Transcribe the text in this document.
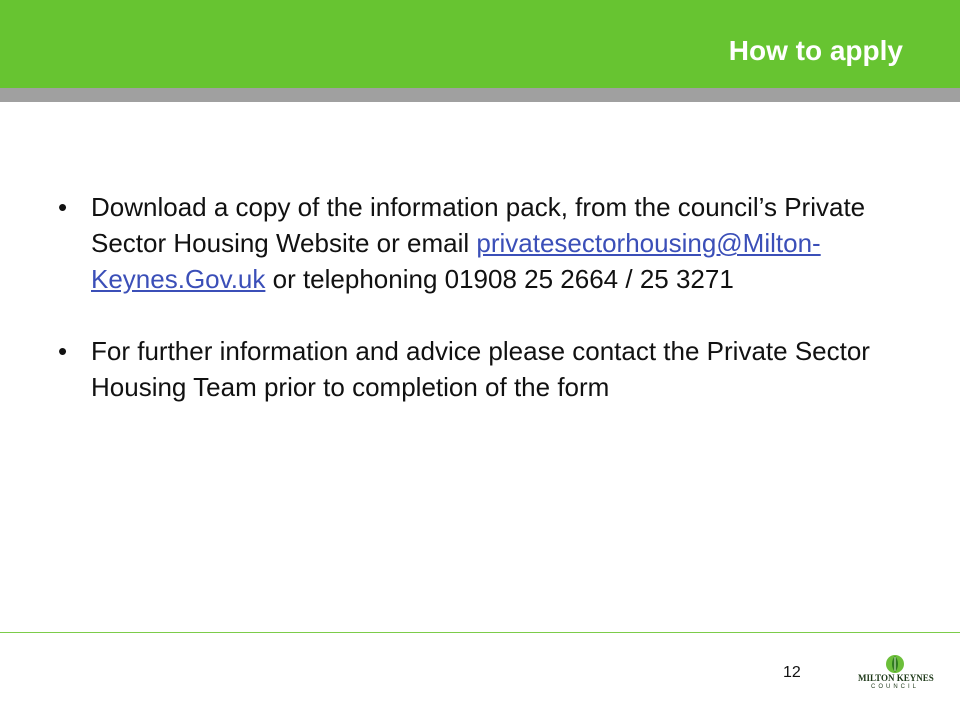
How to apply
• Download a copy of the information pack, from the council’s Private Sector Housing Website or email privatesectorhousing@Milton-Keynes.Gov.uk or telephoning 01908 25 2664 / 25 3271
• For further information and advice please contact the Private Sector Housing Team prior to completion of the form
12	MILTON KEYNES
COUNCIL
